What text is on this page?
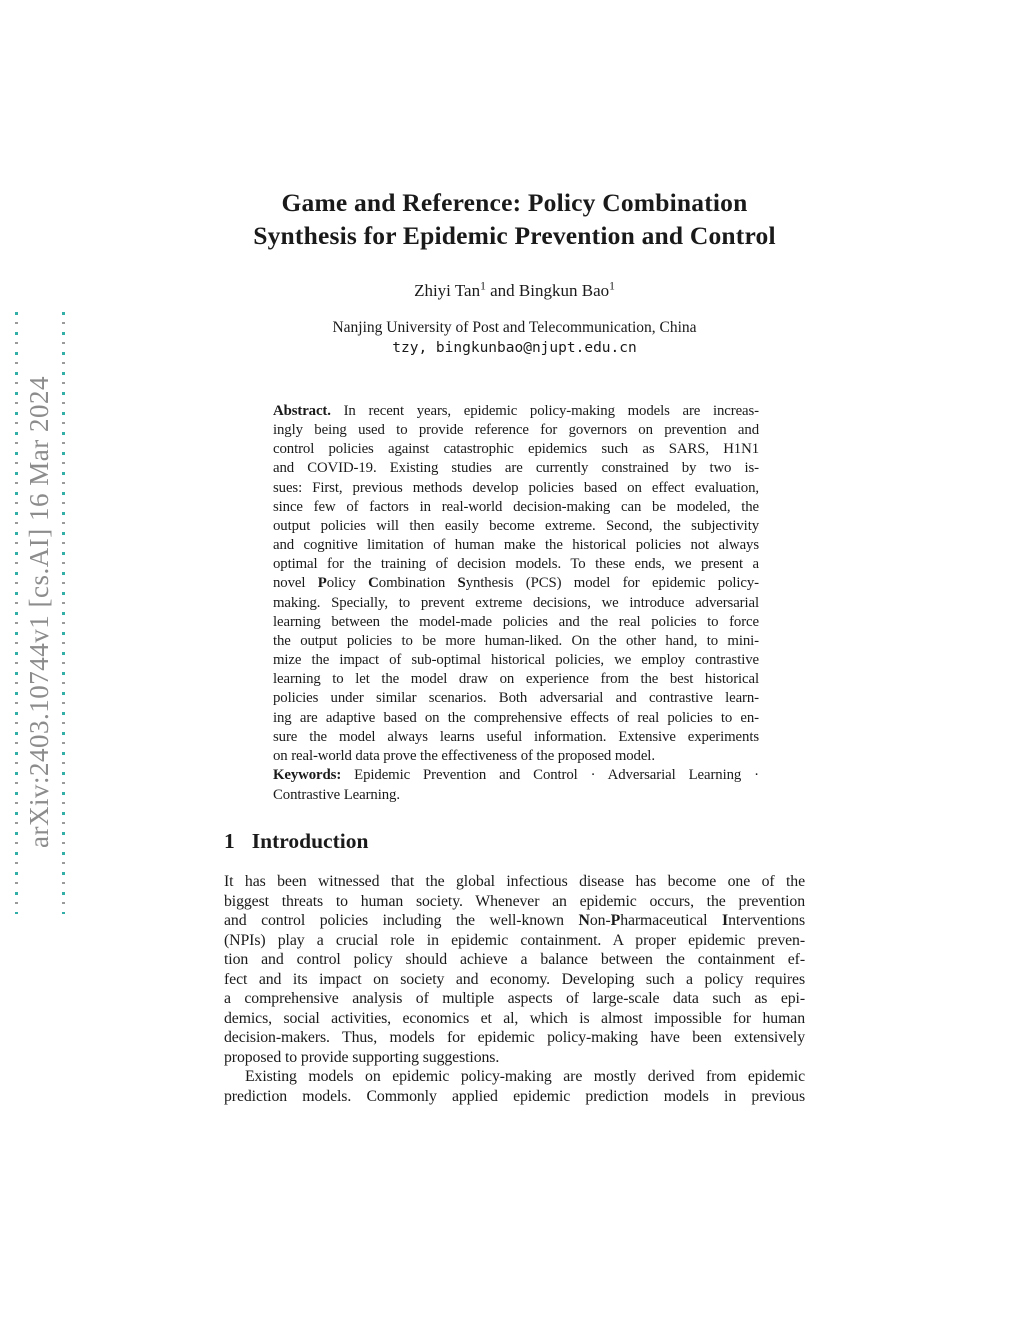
arXiv:2403.10744v1 [cs.AI] 16 Mar 2024
Game and Reference: Policy Combination
Synthesis for Epidemic Prevention and Control
Zhiyi Tan$^1$ and Bingkun Bao$^1$
Nanjing University of Post and Telecommunication, China
tzy, bingkunbao@njupt.edu.cn
Abstract. In recent years, epidemic policy-making models are increas-
ingly being used to provide reference for governors on prevention and
control policies against catastrophic epidemics such as SARS, H1N1
and COVID-19. Existing studies are currently constrained by two is-
sues: First, previous methods develop policies based on effect evaluation,
since few of factors in real-world decision-making can be modeled, the
output policies will then easily become extreme. Second, the subjectivity
and cognitive limitation of human make the historical policies not always
optimal for the training of decision models. To these ends, we present a
novel Policy Combination Synthesis (PCS) model for epidemic policy-
making. Specially, to prevent extreme decisions, we introduce adversarial
learning between the model-made policies and the real policies to force
the output policies to be more human-liked. On the other hand, to mini-
mize the impact of sub-optimal historical policies, we employ contrastive
learning to let the model draw on experience from the best historical
policies under similar scenarios. Both adversarial and contrastive learn-
ing are adaptive based on the comprehensive effects of real policies to en-
sure the model always learns useful information. Extensive experiments
on real-world data prove the effectiveness of the proposed model.
Keywords: Epidemic Prevention and Control · Adversarial Learning ·
Contrastive Learning.
1 Introduction
It has been witnessed that the global infectious disease has become one of the
biggest threats to human society. Whenever an epidemic occurs, the prevention
and control policies including the well-known Non-Pharmaceutical Interventions
(NPIs) play a crucial role in epidemic containment. A proper epidemic preven-
tion and control policy should achieve a balance between the containment ef-
fect and its impact on society and economy. Developing such a policy requires
a comprehensive analysis of multiple aspects of large-scale data such as epi-
demics, social activities, economics et al, which is almost impossible for human
decision-makers. Thus, models for epidemic policy-making have been extensively
proposed to provide supporting suggestions.
Existing models on epidemic policy-making are mostly derived from epidemic
prediction models. Commonly applied epidemic prediction models in previous
